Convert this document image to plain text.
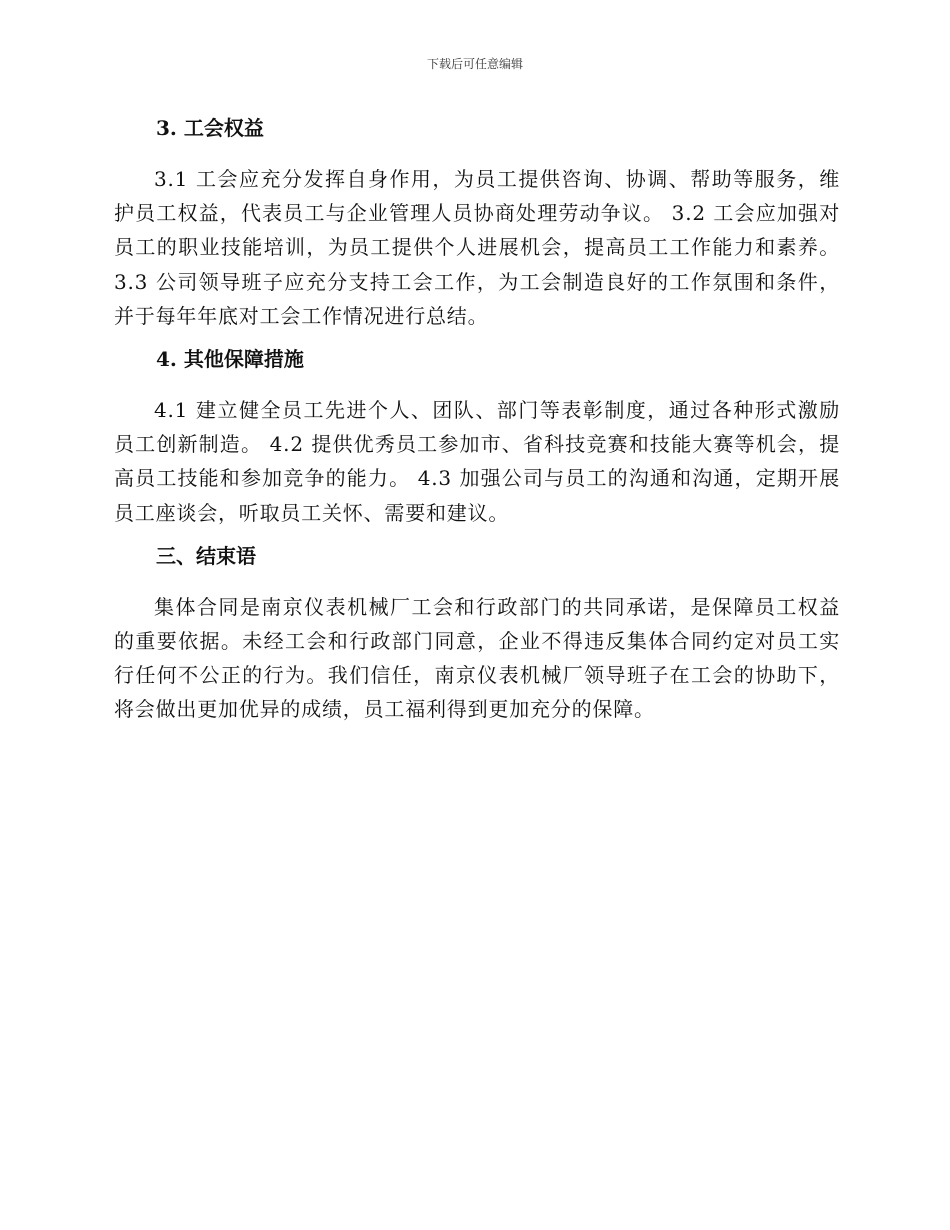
下载后可任意编辑
3. 工会权益

3.1 工会应充分发挥自身作用，为员工提供咨询、协调、帮助等服务，维护员工权益，代表员工与企业管理人员协商处理劳动争议。 3.2 工会应加强对员工的职业技能培训，为员工提供个人进展机会，提高员工工作能力和素养。 3.3 公司领导班子应充分支持工会工作，为工会制造良好的工作氛围和条件，并于每年年底对工会工作情况进行总结。

4. 其他保障措施

4.1 建立健全员工先进个人、团队、部门等表彰制度，通过各种形式激励员工创新制造。 4.2 提供优秀员工参加市、省科技竞赛和技能大赛等机会，提高员工技能和参加竞争的能力。 4.3 加强公司与员工的沟通和沟通，定期开展员工座谈会，听取员工关怀、需要和建议。

三、结束语

集体合同是南京仪表机械厂工会和行政部门的共同承诺，是保障员工权益的重要依据。未经工会和行政部门同意，企业不得违反集体合同约定对员工实行任何不公正的行为。我们信任，南京仪表机械厂领导班子在工会的协助下，将会做出更加优异的成绩，员工福利得到更加充分的保障。
